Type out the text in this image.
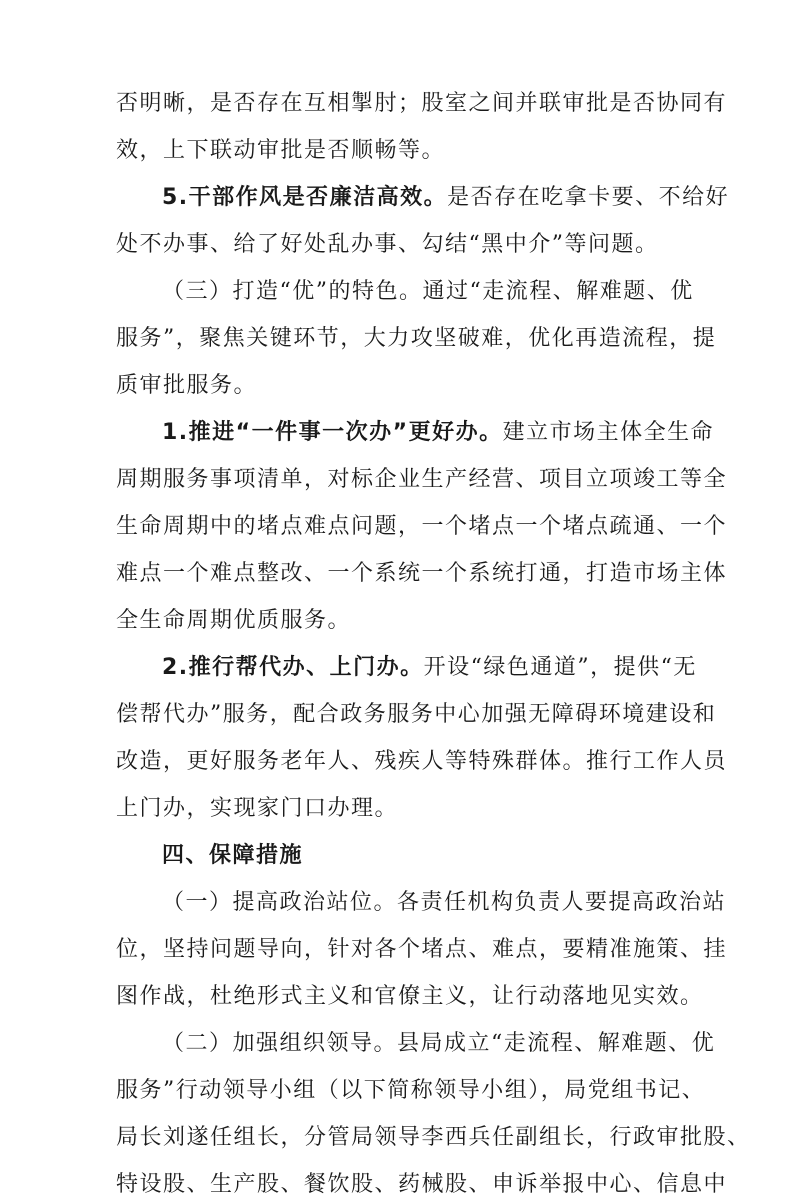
否明晰，是否存在互相掣肘；股室之间并联审批是否协同有
效，上下联动审批是否顺畅等。
5.干部作风是否廉洁高效。是否存在吃拿卡要、不给好
处不办事、给了好处乱办事、勾结“黑中介”等问题。
（三）打造“优”的特色。通过“走流程、解难题、优
服务”，聚焦关键环节，大力攻坚破难，优化再造流程，提
质审批服务。
1.推进“一件事一次办”更好办。建立市场主体全生命
周期服务事项清单，对标企业生产经营、项目立项竣工等全
生命周期中的堵点难点问题，一个堵点一个堵点疏通、一个
难点一个难点整改、一个系统一个系统打通，打造市场主体
全生命周期优质服务。
2.推行帮代办、上门办。开设“绿色通道”，提供“无
偿帮代办”服务，配合政务服务中心加强无障碍环境建设和
改造，更好服务老年人、残疾人等特殊群体。推行工作人员
上门办，实现家门口办理。
四、保障措施
（一）提高政治站位。各责任机构负责人要提高政治站
位，坚持问题导向，针对各个堵点、难点，要精准施策、挂
图作战，杜绝形式主义和官僚主义，让行动落地见实效。
（二）加强组织领导。县局成立“走流程、解难题、优
服务”行动领导小组（以下简称领导小组），局党组书记、
局长刘遂任组长，分管局领导李西兵任副组长，行政审批股、
特设股、生产股、餐饮股、药械股、申诉举报中心、信息中
